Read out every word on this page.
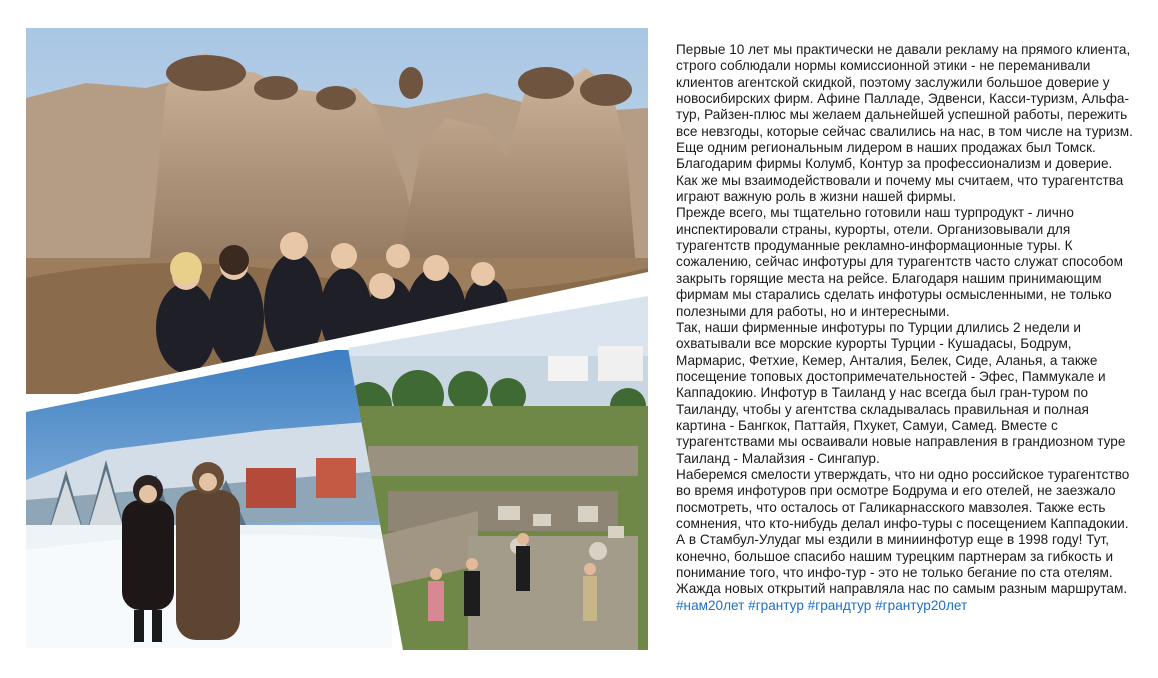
Первые 10 лет мы практически не давали рекламу на прямого клиента, строго соблюдали нормы комиссионной этики - не переманивали клиентов агентской скидкой, поэтому заслужили большое доверие у новосибирских фирм. Афине Палладе, Эдвенси, Касси-туризм, Альфа-тур, Райзен-плюс мы желаем дальнейшей успешной работы, пережить все невзгоды, которые сейчас свалились на нас, в том числе на туризм. Еще одним региональным лидером в наших продажах был Томск. Благодарим фирмы Колумб, Контур за профессионализм и доверие.

Как же мы взаимодействовали и почему мы считаем, что турагентства играют важную роль в жизни нашей фирмы.

Прежде всего, мы тщательно готовили наш турпродукт - лично инспектировали страны, курорты, отели. Организовывали для турагентств продуманные рекламно-информационные туры. К сожалению, сейчас инфотуры для турагентств часто служат способом закрыть горящие места на рейсе. Благодаря нашим принимающим фирмам мы старались сделать инфотуры осмысленными, не только полезными для работы, но и интересными.

Так, наши фирменные инфотуры по Турции длились 2 недели и охватывали все морские курорты Турции - Кушадасы, Бодрум, Мармарис, Фетхие, Кемер, Анталия, Белек, Сиде, Аланья, а также посещение топовых достопримечательностей - Эфес, Паммукале и Каппадокию. Инфотур в Таиланд у нас всегда был гран-туром по Таиланду, чтобы у агентства складывалась правильная и полная картина - Бангкок, Паттайя, Пхукет, Самуи, Самед. Вместе с турагентствами мы осваивали новые направления в грандиозном туре Таиланд - Малайзия - Сингапур.

Наберемся смелости утверждать, что ни одно российское турагентство во время инфотуров при осмотре Бодрума и его отелей, не заезжало посмотреть, что осталось от Галикарнасского мавзолея. Также есть сомнения, что кто-нибудь делал инфо-туры с посещением Каппадокии. А в Стамбул-Улудаг мы ездили в миниинфотур еще в 1998 году! Тут, конечно, большое спасибо нашим турецким партнерам за гибкость и понимание того, что инфо-тур - это не только бегание по ста отелям. Жажда новых открытий направляла нас по самым разным маршрутам. #нам20лет #грантур #грандтур #грантур20лет
